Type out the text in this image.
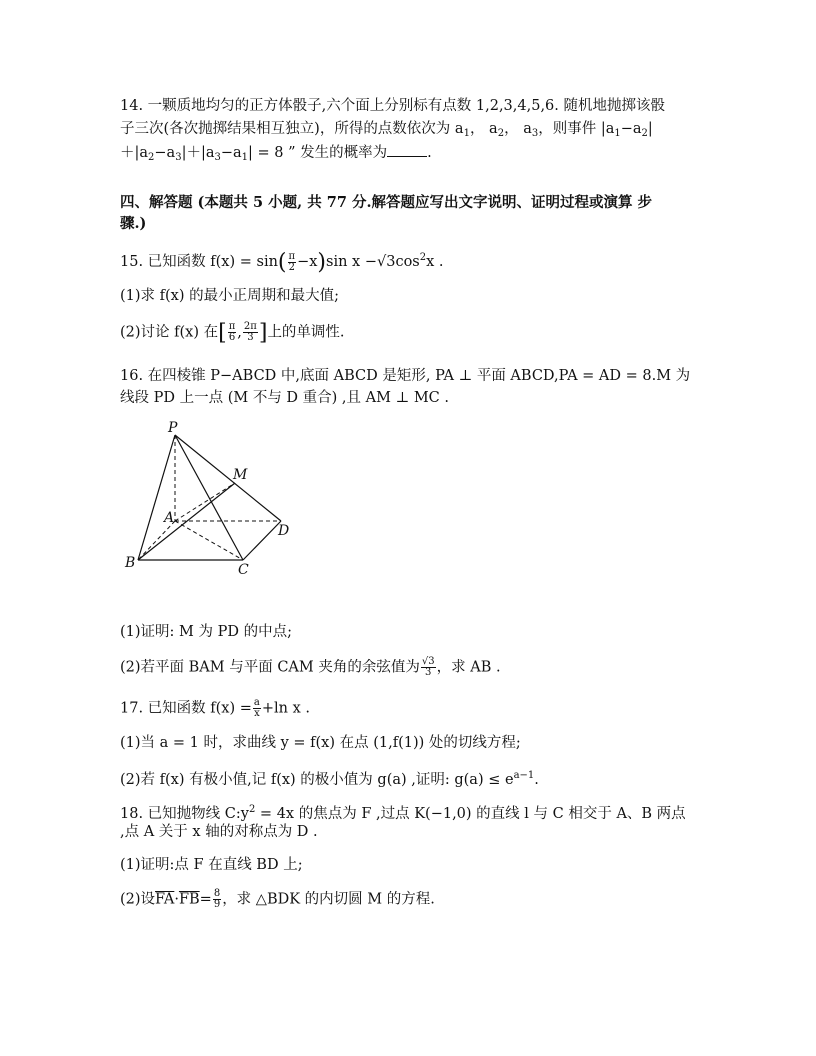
14. 一颗质地均匀的正方体骰子,六个面上分别标有点数 1,2,3,4,5,6. 随机地抛掷该骰
子三次(各次抛掷结果相互独立)，所得的点数依次为 $a_1$， $a_2$， $a_3$，则事件 $|a_1-a_2|$
$+|a_2-a_3|+|a_3-a_1| = 8$ ” 发生的概率为	.
四、解答题 (本题共 5 小题, 共 77 分.解答题应写出文字说明、证明过程或演算 步
骤.)
15. 已知函数 $f(x) = \sin( \frac{\pi}{2} -x)\sin$ $x -√3\cos^2x$ .
(1)求 f(x) 的最小正周期和最大值;
(2)讨论 f(x) 在[ $\frac{\pi}{6}$ , $\frac{2\pi}{3}$ ]上的单调性.
16. 在四棱锥 P−ABCD 中,底面 ABCD 是矩形, PA ⊥ 平面 ABCD,PA = AD = 8.M 为
线段 PD 上一点 (M 不与 D 重合) ,且 AM ⊥ MC .
P
M
A
D
B	C
(1)证明: M 为 PD 的中点;
(2)若平面 BAM 与平面 CAM 夹角的余弦值为 $\frac{√3}{3}$ ，求 AB .
17. 已知函数 $f(x) = \frac{a}{x} +\ln$ x .
(1)当 a = 1 时，求曲线 y = f(x) 在点 (1,f(1)) 处的切线方程;
(2)若 f(x) 有极小值,记 f(x) 的极小值为 g(a) ,证明: $g(a) \le e^{a-1}$.
18. 已知抛物线 $C:y^2 = 4x$ 的焦点为 F ,过点 K(−1,0) 的直线 l 与 C 相交于 A、B 两点
,点 A 关于 x 轴的对称点为 D .
(1)证明:点 F 在直线 BD 上;
(2)设$\overline{FA}\cdot\overline{FB}= \frac{8}{9}$ ，求 △BDK 的内切圆 M 的方程.
